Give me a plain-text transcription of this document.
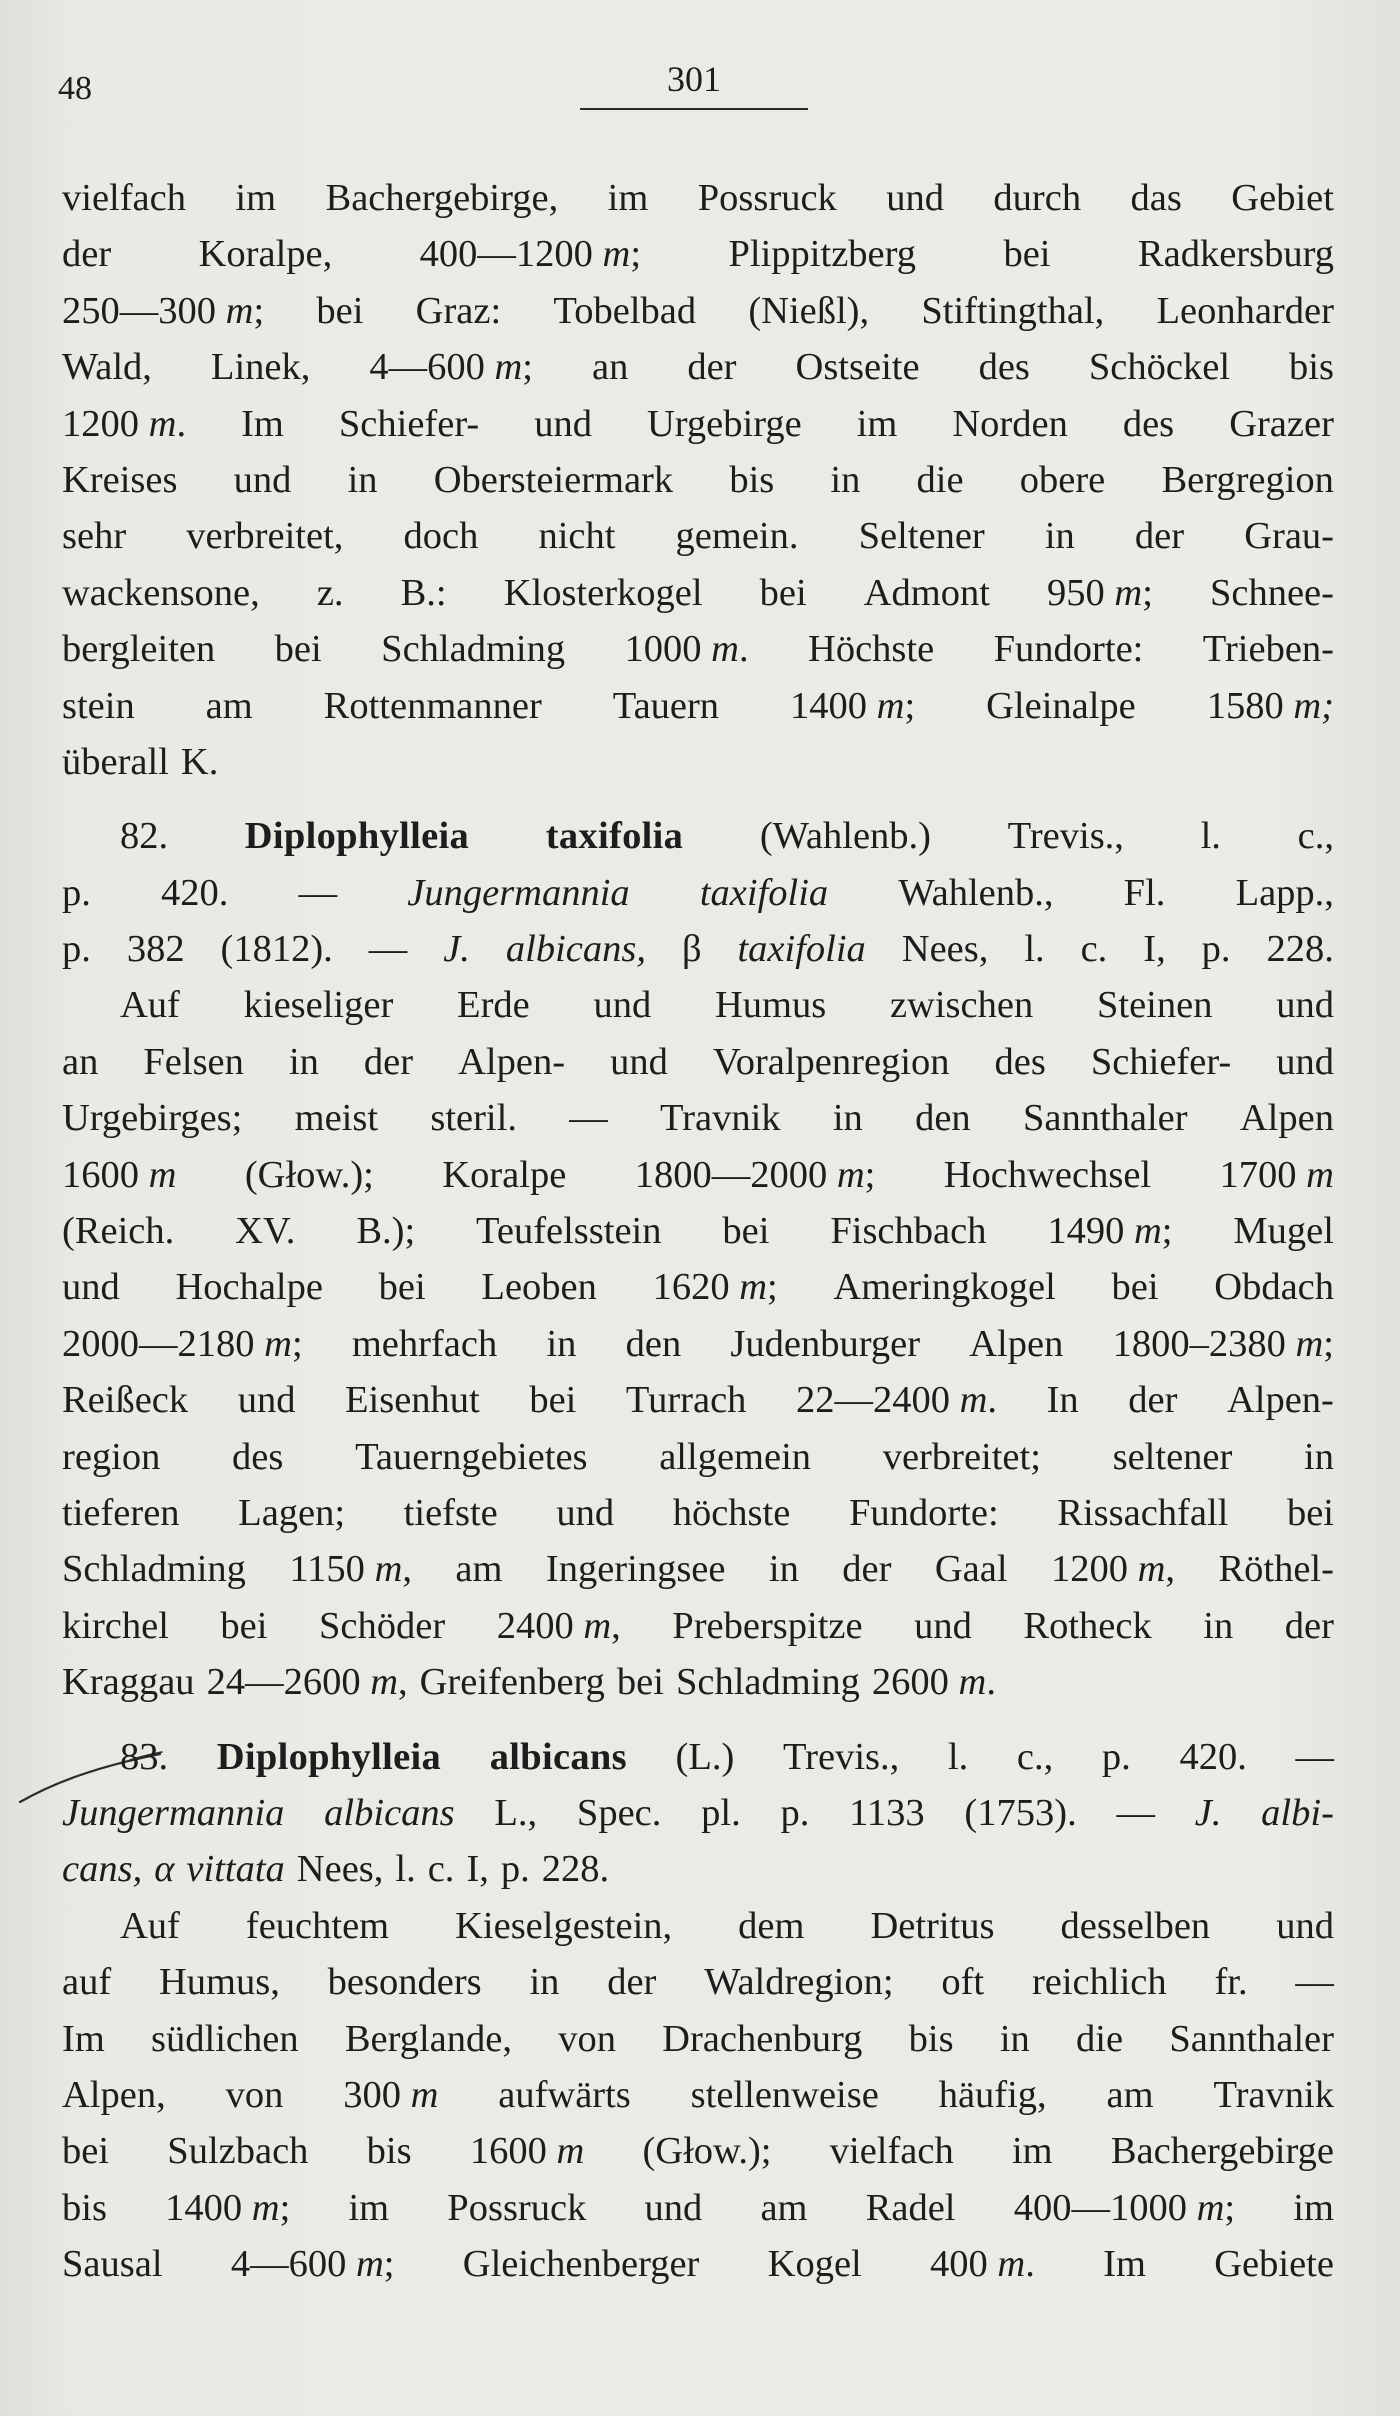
48	301
vielfach im Bachergebirge, im Possruck und durch das Gebiet
der Koralpe, 400—1200 m; Plippitzberg bei Radkersburg
250—300 m; bei Graz: Tobelbad (Nießl), Stiftingthal, Leonharder
Wald, Linek, 4—600 m; an der Ostseite des Schöckel bis
1200 m. Im Schiefer- und Urgebirge im Norden des Grazer
Kreises und in Obersteiermark bis in die obere Bergregion
sehr verbreitet, doch nicht gemein. Seltener in der Grau-
wackensone, z. B.: Klosterkogel bei Admont 950 m; Schnee-
bergleiten bei Schladming 1000 m. Höchste Fundorte: Trieben-
stein am Rottenmanner Tauern 1400 m; Gleinalpe 1580 m;
überall K.
82. Diplophylleia taxifolia (Wahlenb.) Trevis., l. c.,
p. 420. — Jungermannia taxifolia Wahlenb., Fl. Lapp.,
p. 382 (1812). — J. albicans, β taxifolia Nees, l. c. I, p. 228.
Auf kieseliger Erde und Humus zwischen Steinen und
an Felsen in der Alpen- und Voralpenregion des Schiefer- und
Urgebirges; meist steril. — Travnik in den Sannthaler Alpen
1600 m (Głow.); Koralpe 1800—2000 m; Hochwechsel 1700 m
(Reich. XV. B.); Teufelsstein bei Fischbach 1490 m; Mugel
und Hochalpe bei Leoben 1620 m; Ameringkogel bei Obdach
2000—2180 m; mehrfach in den Judenburger Alpen 1800–2380 m;
Reißeck und Eisenhut bei Turrach 22—2400 m. In der Alpen-
region des Tauerngebietes allgemein verbreitet; seltener in
tieferen Lagen; tiefste und höchste Fundorte: Rissachfall bei
Schladming 1150 m, am Ingeringsee in der Gaal 1200 m, Röthel-
kirchel bei Schöder 2400 m, Preberspitze und Rotheck in der
Kraggau 24—2600 m, Greifenberg bei Schladming 2600 m.
83. Diplophylleia albicans (L.) Trevis., l. c., p. 420. —
Jungermannia albicans L., Spec. pl. p. 1133 (1753). — J. albi-
cans, α vittata Nees, l. c. I, p. 228.
Auf feuchtem Kieselgestein, dem Detritus desselben und
auf Humus, besonders in der Waldregion; oft reichlich fr. —
Im südlichen Berglande, von Drachenburg bis in die Sannthaler
Alpen, von 300 m aufwärts stellenweise häufig, am Travnik
bei Sulzbach bis 1600 m (Głow.); vielfach im Bachergebirge
bis 1400 m; im Possruck und am Radel 400—1000 m; im
Sausal 4—600 m; Gleichenberger Kogel 400 m. Im Gebiete
